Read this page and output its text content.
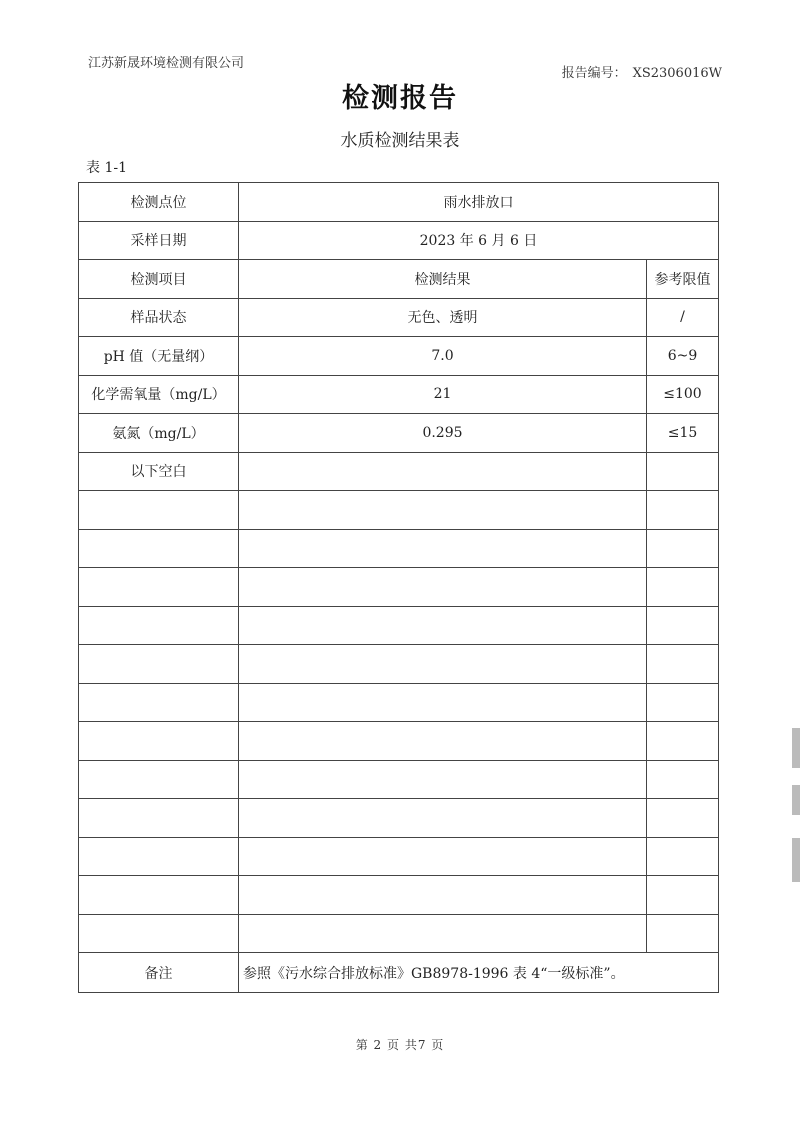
江苏新晟环境检测有限公司
报告编号： XS2306016W
检测报告
水质检测结果表
表 1-1
检测点位	雨水排放口	
采样日期	2023 年 6 月 6 日	
检测项目	检测结果	参考限值
样品状态	无色、透明	/
pH 值（无量纲）	7.0	6~9
化学需氧量（mg/L）	21	≤100
氨氮（mg/L）	0.295	≤15
以下空白		

备注	参照《污水综合排放标准》GB8978-1996 表 4“一级标准”。	
第 2 页 共7 页
